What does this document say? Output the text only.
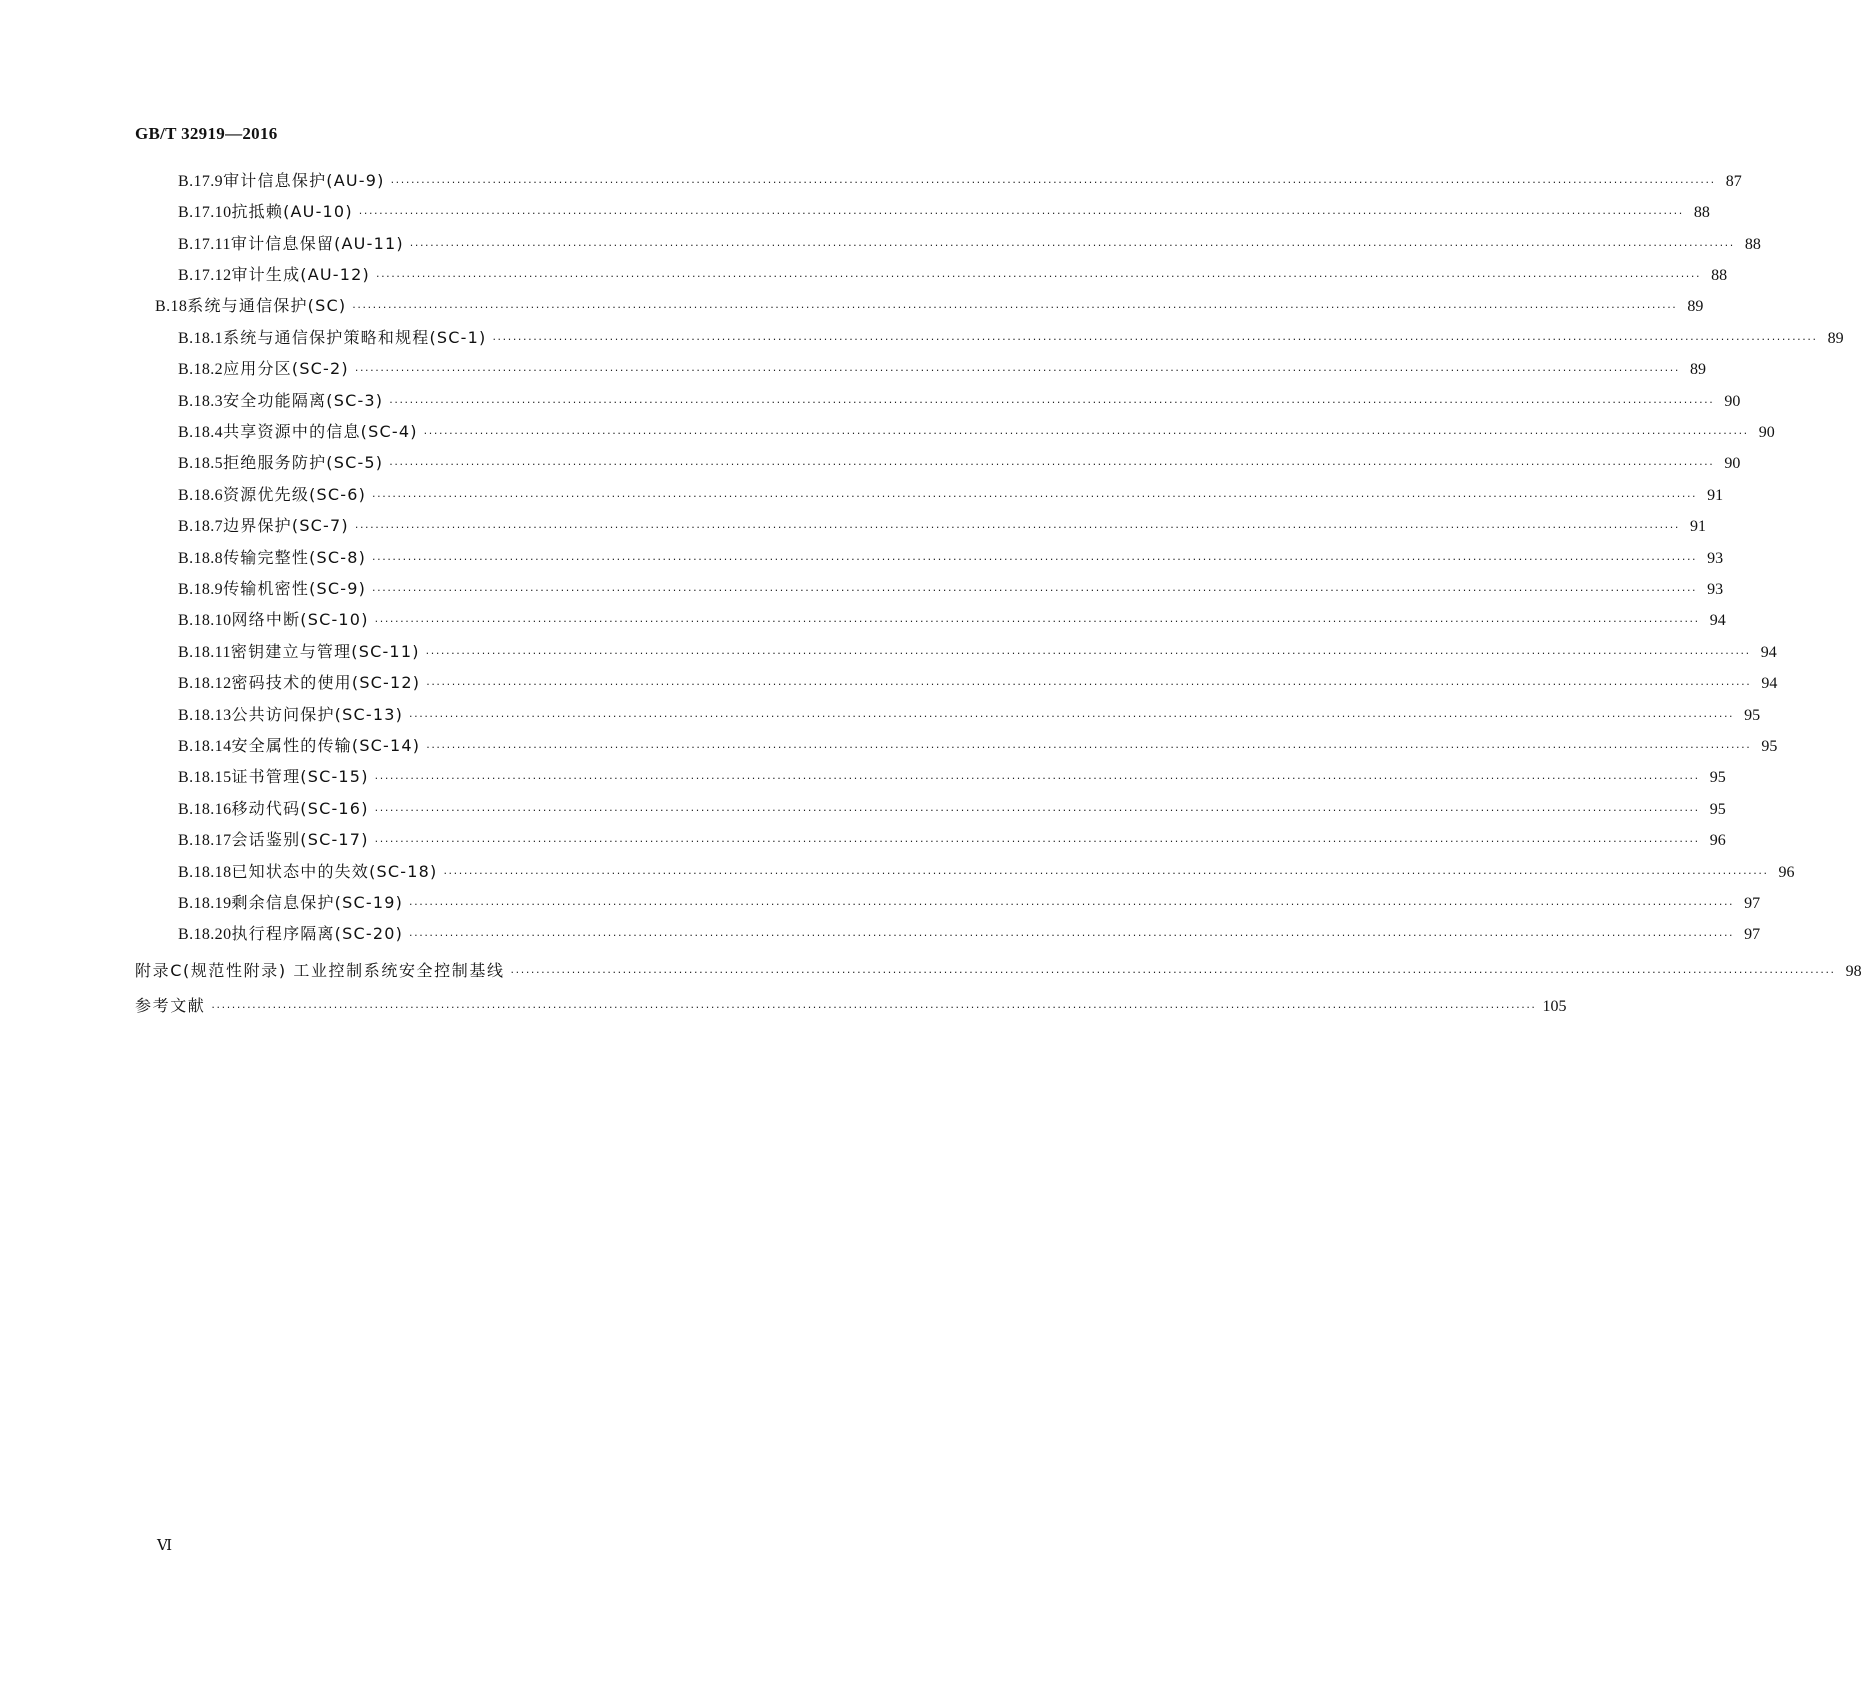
GB/T 32919—2016
B.17.9 审计信息保护(AU-9) ···································································································································································································································································· 87
B.17.10 抗抵赖(AU-10) ···································································································································································································································································· 88
B.17.11 审计信息保留(AU-11) ···································································································································································································································································· 88
B.17.12 审计生成(AU-12) ···································································································································································································································································· 88
B.18 系统与通信保护(SC) ···································································································································································································································································· 89
B.18.1 系统与通信保护策略和规程(SC-1) ···································································································································································································································································· 89
B.18.2 应用分区(SC-2) ···································································································································································································································································· 89
B.18.3 安全功能隔离(SC-3) ···································································································································································································································································· 90
B.18.4 共享资源中的信息(SC-4) ···································································································································································································································································· 90
B.18.5 拒绝服务防护(SC-5) ···································································································································································································································································· 90
B.18.6 资源优先级(SC-6) ···································································································································································································································································· 91
B.18.7 边界保护(SC-7) ···································································································································································································································································· 91
B.18.8 传输完整性(SC-8) ···································································································································································································································································· 93
B.18.9 传输机密性(SC-9) ···································································································································································································································································· 93
B.18.10 网络中断(SC-10) ···································································································································································································································································· 94
B.18.11 密钥建立与管理(SC-11) ···································································································································································································································································· 94
B.18.12 密码技术的使用(SC-12) ···································································································································································································································································· 94
B.18.13 公共访问保护(SC-13) ···································································································································································································································································· 95
B.18.14 安全属性的传输(SC-14) ···································································································································································································································································· 95
B.18.15 证书管理(SC-15) ···································································································································································································································································· 95
B.18.16 移动代码(SC-16) ···································································································································································································································································· 95
B.18.17 会话鉴别(SC-17) ···································································································································································································································································· 96
B.18.18 已知状态中的失效(SC-18) ···································································································································································································································································· 96
B.18.19 剩余信息保护(SC-19) ···································································································································································································································································· 97
B.18.20 执行程序隔离(SC-20) ···································································································································································································································································· 97
附录C(规范性附录) 工业控制系统安全控制基线 ···································································································································································································································································· 98
参考文献 ···································································································································································································································································· 105
Ⅵ
